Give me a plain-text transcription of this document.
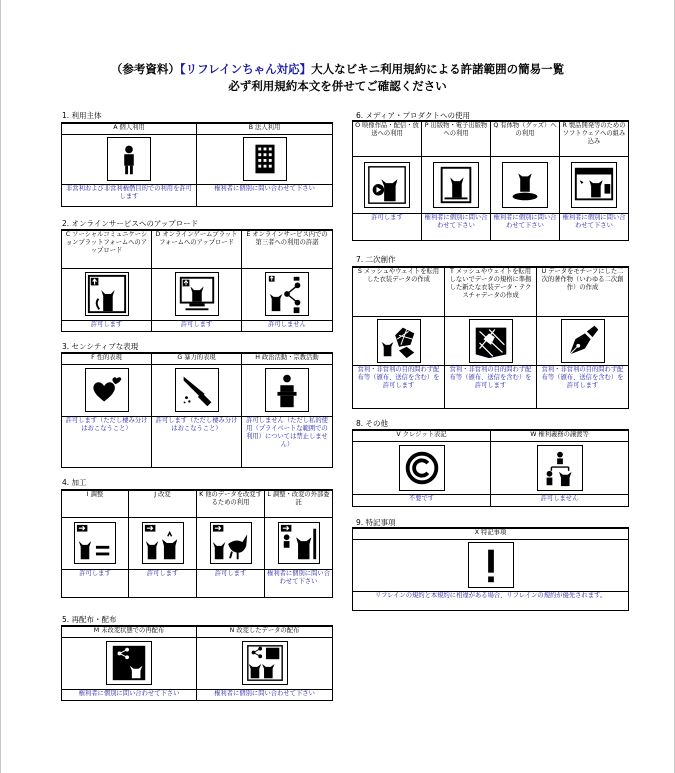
（参考資料）【リフレインちゃん対応】大人なビキニ利用規約による許諾範囲の簡易一覧
必ず利用規約本文を併せてご確認ください
1. 利用主体
A 個人利用	B 法人利用

非営利および非営利権僭目的での利用を許可します	権利者に個別に問い合わせて下さい
2. オンラインサービスへのアップロード
C ソーシャルコミュニケーションプラットフォームへのアップロード	D オンラインゲームプラットフォームへのアップロード	E オンラインサービス内での第三者への利用の許諾

許可します	許可します	許可しません
3. センシティブな表現
F 性的表現	G 暴力的表現	H 政治活動・宗教活動

許可します（ただし棲み分けはおこなうこと）	許可します（ただし棲み分けはおこなうこと）	許可しません（ただし私的使用（プライベートな範囲での利用）については禁止しません）
4. 加工
I 調整	J 改変	K 他のデータを改変するための利用	L 調整・改変の外部委託

許可します	許可します	許可します	権利者に個別に問い合わせて下さい
5. 再配布・配布
M 未改変状態での再配布	N 改変したデータの配布

権利者に個別に問い合わせて下さい	権利者に個別に問い合わせて下さい
6. メディア・プロダクトへの使用
O 映像作品・配信・放送への利用	P 出版物・電子出版物への利用	Q 有体物（グッズ）への利用	R 製品開発等のためのソフトウェアへの組み込み

許可します	権利者に個別に問い合わせて下さい	権利者に個別に問い合わせて下さい	権利者に個別に問い合わせて下さい
7. 二次創作
S メッシュやウェイトを転用した衣装データの作成	T メッシュやウェイトを転用しないでデータの規格に準拠した新たな衣装データ・テクスチャデータの作成	U データをモチーフにした二次的著作物（いわゆる二次創作）の作成

営利・非営利の目的問わず配布等（頒布、送信を含む）を許可します	営利・非営利の目的問わず配布等（頒布、送信を含む）を許可します	営利・非営利の目的問わず配布等（頒布、送信を含む）を許可します
8. その他
V クレジット表記	W 権利義務の譲渡等

不要です	許可しません
9. 特記事項
X 特記事項

リフレインの規約と本規約に相違がある場合、リフレインの規約が優先されます。
